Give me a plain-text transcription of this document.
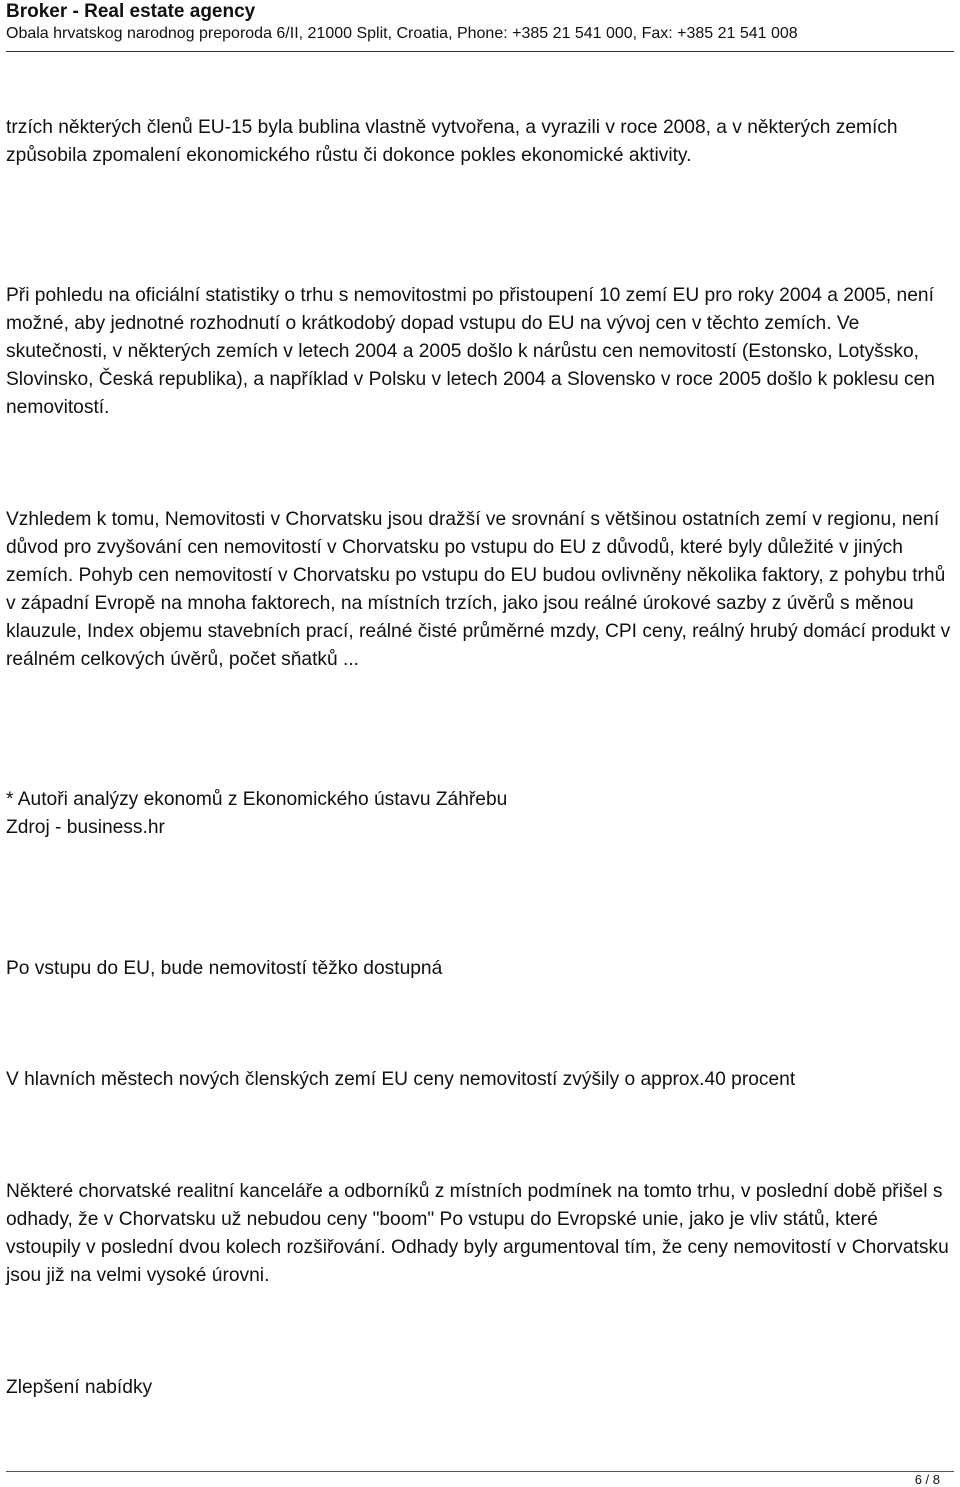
Broker - Real estate agency
Obala hrvatskog narodnog preporoda 6/II, 21000 Split, Croatia, Phone: +385 21 541 000, Fax: +385 21 541 008

trzích některých členů EU-15 byla bublina vlastně vytvořena, a vyrazili v roce 2008, a v některých zemích způsobila zpomalení ekonomického růstu či dokonce pokles ekonomické aktivity.

Při pohledu na oficiální statistiky o trhu s nemovitostmi po přistoupení 10 zemí EU pro roky 2004 a 2005, není možné, aby jednotné rozhodnutí o krátkodobý dopad vstupu do EU na vývoj cen v těchto zemích. Ve skutečnosti, v některých zemích v letech 2004 a 2005 došlo k nárůstu cen nemovitostí (Estonsko, Lotyšsko, Slovinsko, Česká republika), a například v Polsku v letech 2004 a Slovensko v roce 2005 došlo k poklesu cen nemovitostí.

Vzhledem k tomu, Nemovitosti v Chorvatsku jsou dražší ve srovnání s většinou ostatních zemí v regionu, není důvod pro zvyšování cen nemovitostí v Chorvatsku po vstupu do EU z důvodů, které byly důležité v jiných zemích. Pohyb cen nemovitostí v Chorvatsku po vstupu do EU budou ovlivněny několika faktory, z pohybu trhů v západní Evropě na mnoha faktorech, na místních trzích, jako jsou reálné úrokové sazby z úvěrů s měnou klauzule, Index objemu stavebních prací, reálné čisté průměrné mzdy, CPI ceny, reálný hrubý domácí produkt v reálném celkových úvěrů, počet sňatků ...

* Autoři analýzy ekonomů z Ekonomického ústavu Záhřebu
Zdroj - business.hr

Po vstupu do EU, bude nemovitostí těžko dostupná

V hlavních městech nových členských zemí EU ceny nemovitostí zvýšily o approx.40 procent

Některé chorvatské realitní kanceláře a odborníků z místních podmínek na tomto trhu, v poslední době přišel s odhady, že v Chorvatsku už nebudou ceny "boom" Po vstupu do Evropské unie, jako je vliv států, které vstoupily v poslední dvou kolech rozšiřování. Odhady byly argumentoval tím, že ceny nemovitostí v Chorvatsku jsou již na velmi vysoké úrovni.

Zlepšení nabídky

6 / 8
